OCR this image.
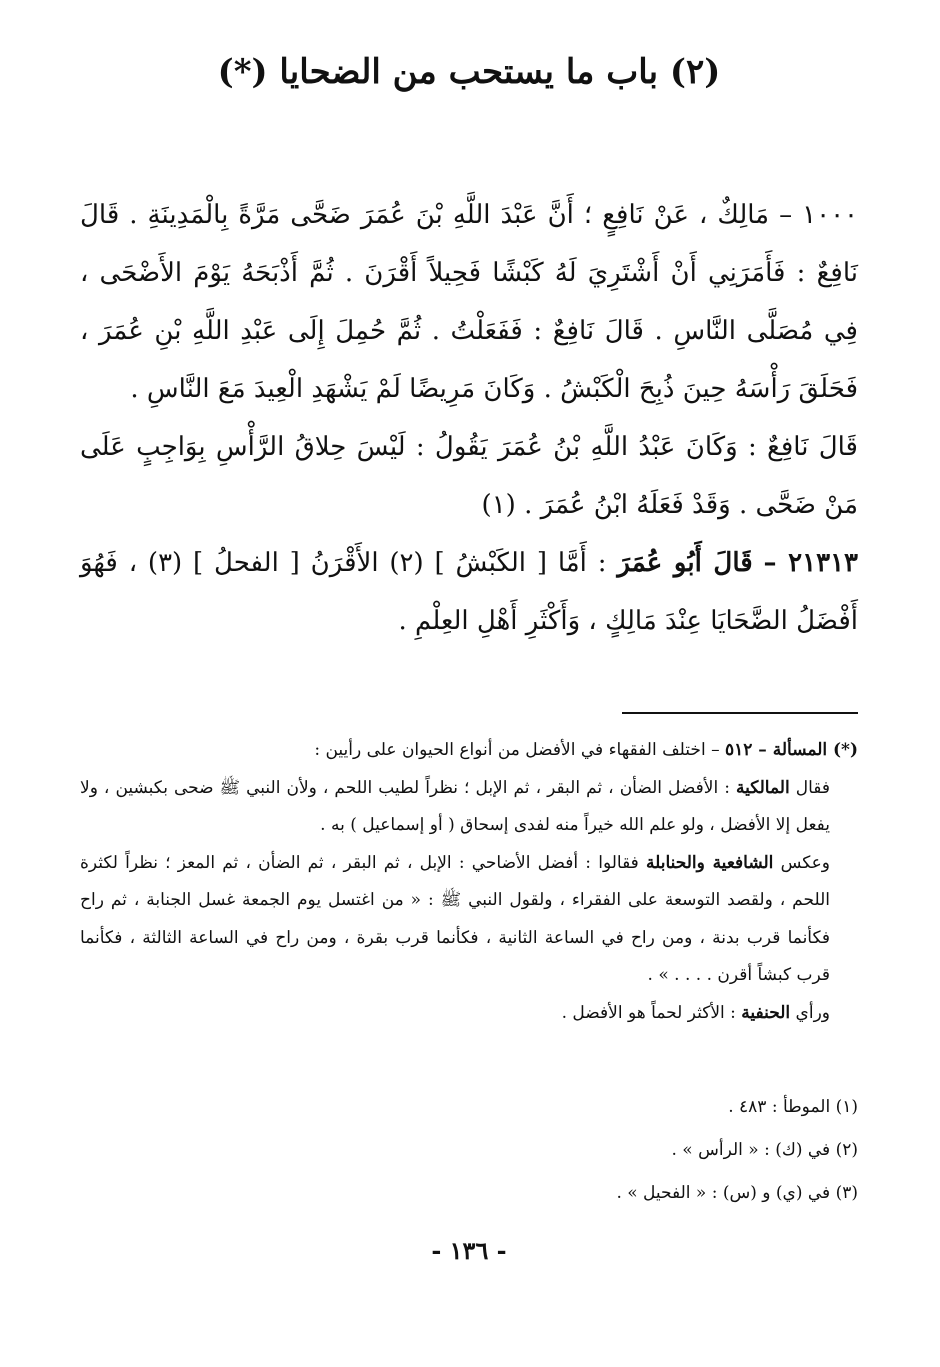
(٢) باب ما يستحب من الضحايا (*)

١٠٠٠ – مَالِكٌ ، عَنْ نَافِعٍ ؛ أَنَّ عَبْدَ اللَّهِ بْنَ عُمَرَ ضَحَّى مَرَّةً بِالْمَدِينَةِ . قَالَ نَافِعٌ : فَأَمَرَنِي أَنْ أَشْتَرِيَ لَهُ كَبْشًا فَحِيلاً أَقْرَنَ . ثُمَّ أَذْبَحَهُ يَوْمَ الأَضْحَى ، فِي مُصَلَّى النَّاسِ . قَالَ نَافِعٌ : فَفَعَلْتُ . ثُمَّ حُمِلَ إِلَى عَبْدِ اللَّهِ بْنِ عُمَرَ ، فَحَلَقَ رَأْسَهُ حِينَ ذُبِحَ الْكَبْشُ . وَكَانَ مَرِيضًا لَمْ يَشْهَدِ الْعِيدَ مَعَ النَّاسِ .

قَالَ نَافِعٌ : وَكَانَ عَبْدُ اللَّهِ بْنُ عُمَرَ يَقُولُ : لَيْسَ حِلاقُ الرَّأْسِ بِوَاجِبٍ عَلَى مَنْ ضَحَّى . وَقَدْ فَعَلَهُ ابْنُ عُمَرَ . (١)

٢١٣١٣ – قَالَ أَبُو عُمَرَ : أَمَّا [ الكَبْشُ ] (٢) الأَقْرَنُ [ الفحلُ ] (٣) ، فَهُوَ أَفْضَلُ الضَّحَايَا عِنْدَ مَالِكٍ ، وَأَكْثَرِ أَهْلِ العِلْمِ .

(*) المسألة – ٥١٢ – اختلف الفقهاء في الأفضل من أنواع الحيوان على رأيين :

فقال المالكية : الأفضل الضأن ، ثم البقر ، ثم الإبل ؛ نظراً لطيب اللحم ، ولأن النبي ﷺ ضحى بكبشين ، ولا يفعل إلا الأفضل ، ولو علم الله خيراً منه لفدى إسحاق ( أو إسماعيل ) به .

وعكس الشافعية والحنابلة فقالوا : أفضل الأضاحي : الإبل ، ثم البقر ، ثم الضأن ، ثم المعز ؛ نظراً لكثرة اللحم ، ولقصد التوسعة على الفقراء ، ولقول النبي ﷺ : « من اغتسل يوم الجمعة غسل الجنابة ، ثم راح فكأنما قرب بدنة ، ومن راح في الساعة الثانية ، فكأنما قرب بقرة ، ومن راح في الساعة الثالثة ، فكأنما قرب كبشاً أقرن . . . . » .

ورأي الحنفية : الأكثر لحماً هو الأفضل .

(١) الموطأ : ٤٨٣ .

(٢) في (ك) : « الرأس » .

(٣) في (ي) و (س) : « الفحيل » .

- ١٣٦ -
